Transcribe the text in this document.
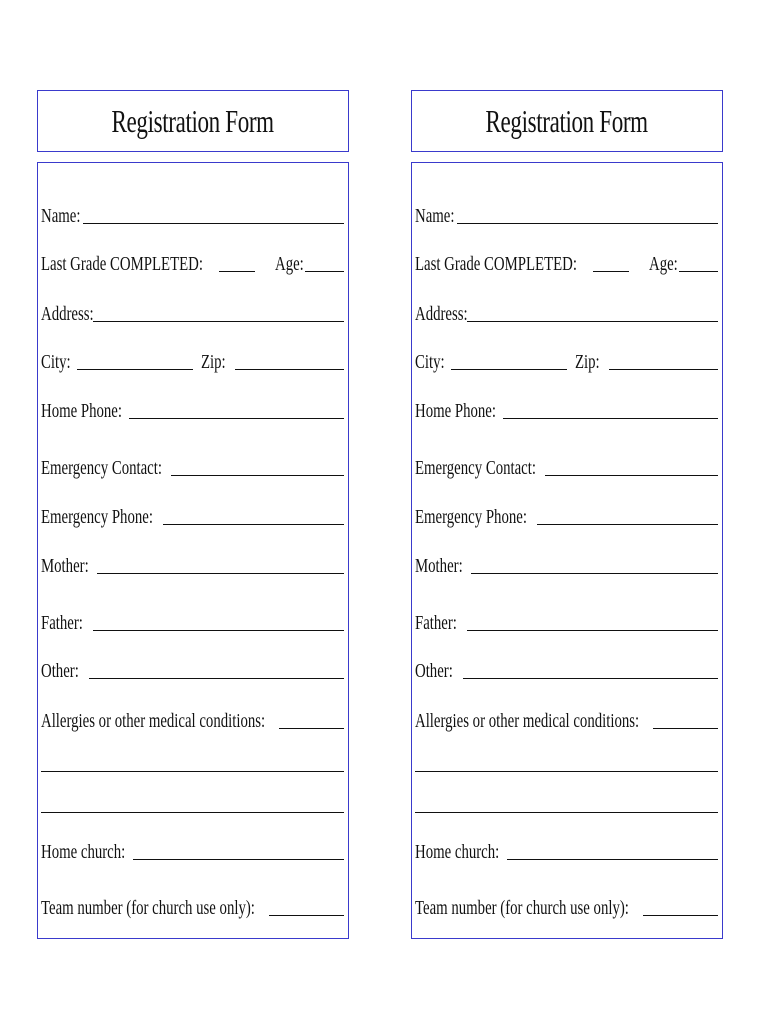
Registration Form
Name:
Last Grade COMPLETED:	Age:
Address:
City:	Zip:
Home Phone:
Emergency Contact:
Emergency Phone:
Mother:
Father:
Other:
Allergies or other medical conditions:
Home church:
Team number (for church use only):
Registration Form
Name:
Last Grade COMPLETED:	Age:
Address:
City:	Zip:
Home Phone:
Emergency Contact:
Emergency Phone:
Mother:
Father:
Other:
Allergies or other medical conditions:
Home church:
Team number (for church use only):
